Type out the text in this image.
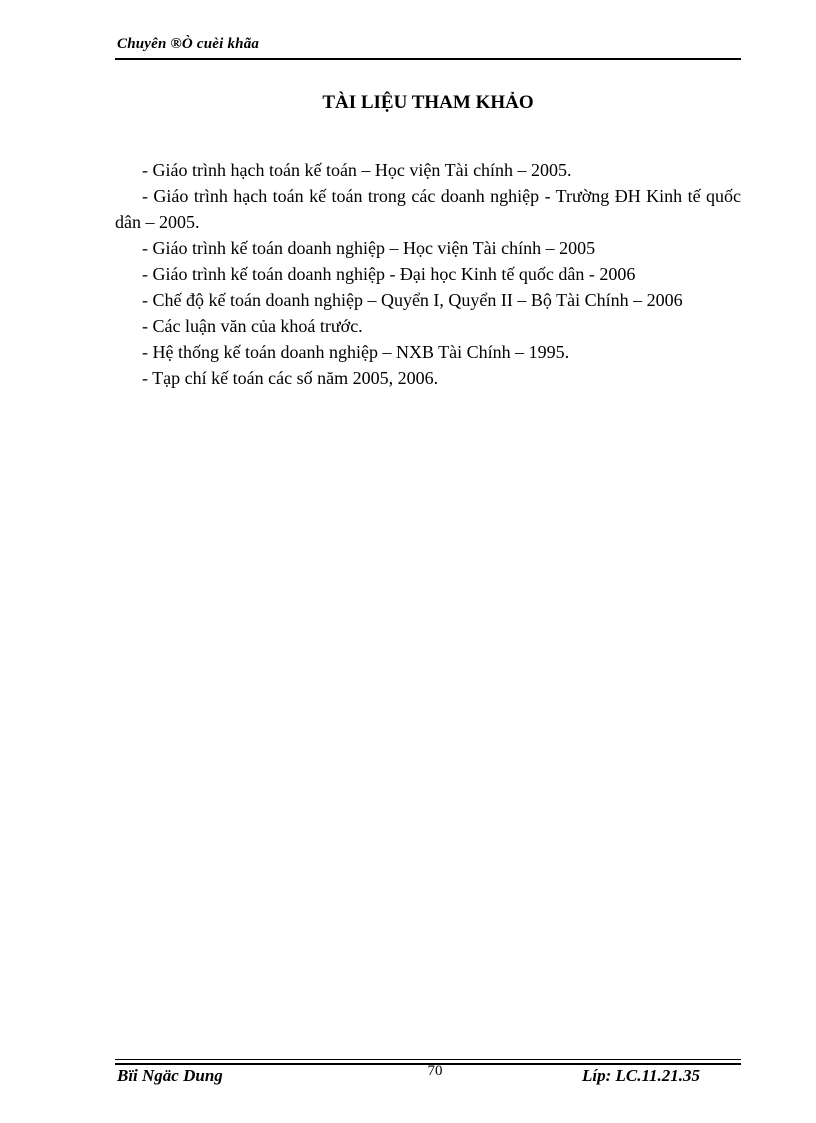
Chuyên ®Ò cuèi khãa
TÀI LIỆU THAM KHẢO
- Giáo trình hạch toán kế toán – Học viện Tài chính – 2005.
- Giáo trình hạch toán kế toán trong các doanh nghiệp - Trường ĐH Kinh tế quốc dân – 2005.
- Giáo trình kế toán doanh nghiệp – Học viện Tài chính – 2005
- Giáo trình kế toán doanh nghiệp - Đại học Kinh tế quốc dân - 2006
- Chế độ kế toán doanh nghiệp – Quyển I, Quyển II – Bộ Tài Chính – 2006
- Các luận văn của khoá trước.
- Hệ thống kế toán doanh nghiệp – NXB Tài Chính – 1995.
- Tạp chí kế toán các số năm 2005, 2006.
Bïi Ngäc Dung	70	Líp: LC.11.21.35
